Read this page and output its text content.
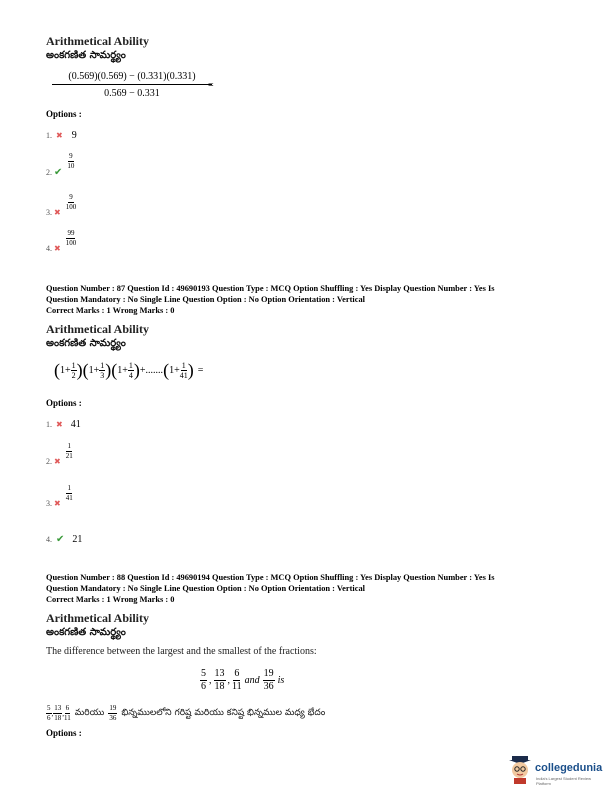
Arithmetical Ability
అంకగణిత సామర్థ్యం
$\frac{(0.569)(0.569) - (0.331)(0.331)}{0.569 - 0.331}$
=
Options :
1. ✖ 9
2. ✔
$\frac{9}{10}$
3. ✖
$\frac{9}{100}$
4. ✖
$\frac{99}{100}$
Question Number : 87 Question Id : 49690193 Question Type : MCQ Option Shuffling : Yes Display Question Number : Yes Is
Question Mandatory : No Single Line Question Option : No Option Orientation : Vertical
Correct Marks : 1 Wrong Marks : 0
Arithmetical Ability
అంకగణిత సామర్థ్యం
( $1 + \frac{1}{2}$ ) ( $1 + \frac{1}{3}$ ) ( $1 + \frac{1}{4}$ ) +....... ( $1 + \frac{1}{41}$ ) =
Options :
1. ✖ 41
2. ✖
$\frac{1}{21}$
3. ✖
$\frac{1}{41}$
4. ✔ 21
Question Number : 88 Question Id : 49690194 Question Type : MCQ Option Shuffling : Yes Display Question Number : Yes Is
Question Mandatory : No Single Line Question Option : No Option Orientation : Vertical
Correct Marks : 1 Wrong Marks : 0
Arithmetical Ability
అంకగణిత సామర్థ్యం
The difference between the largest and the smallest of the fractions:
$\frac{5}{6}$ , $\frac{13}{18}$ , $\frac{6}{11}$ and $\frac{19}{36}$ is
$\frac{5}{6}$ , $\frac{13}{18}$ , $\frac{6}{11}$ మరియు $\frac{19}{36}$ భిన్నములలోని గరిష్ట మరియు కనిష్ట భిన్నముల మధ్య భేదం
Options :
collegedunia
India's Largest Student Review Platform
